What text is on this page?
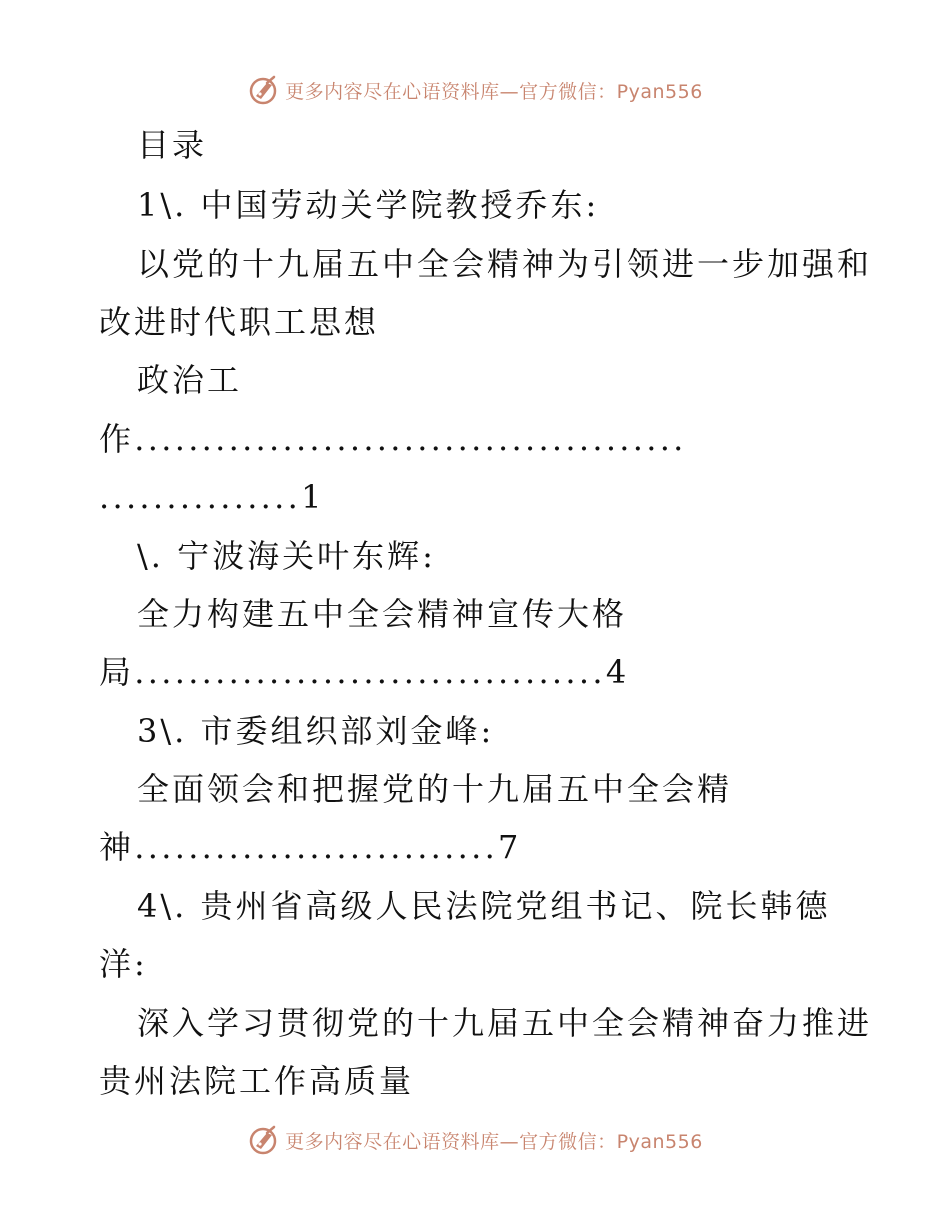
更多内容尽在心语资料库—官方微信：Pyan556
目录
1\. 中国劳动关学院教授乔东:
以党的十九届五中全会精神为引领进一步加强和
改进时代职工思想
政治工
作.........................................
...............1
\. 宁波海关叶东辉:
全力构建五中全会精神宣传大格
局...................................4
3\. 市委组织部刘金峰:
全面领会和把握党的十九届五中全会精
神...........................7
4\. 贵州省高级人民法院党组书记、院长韩德
洋:
深入学习贯彻党的十九届五中全会精神奋力推进
贵州法院工作高质量
更多内容尽在心语资料库—官方微信：Pyan556
